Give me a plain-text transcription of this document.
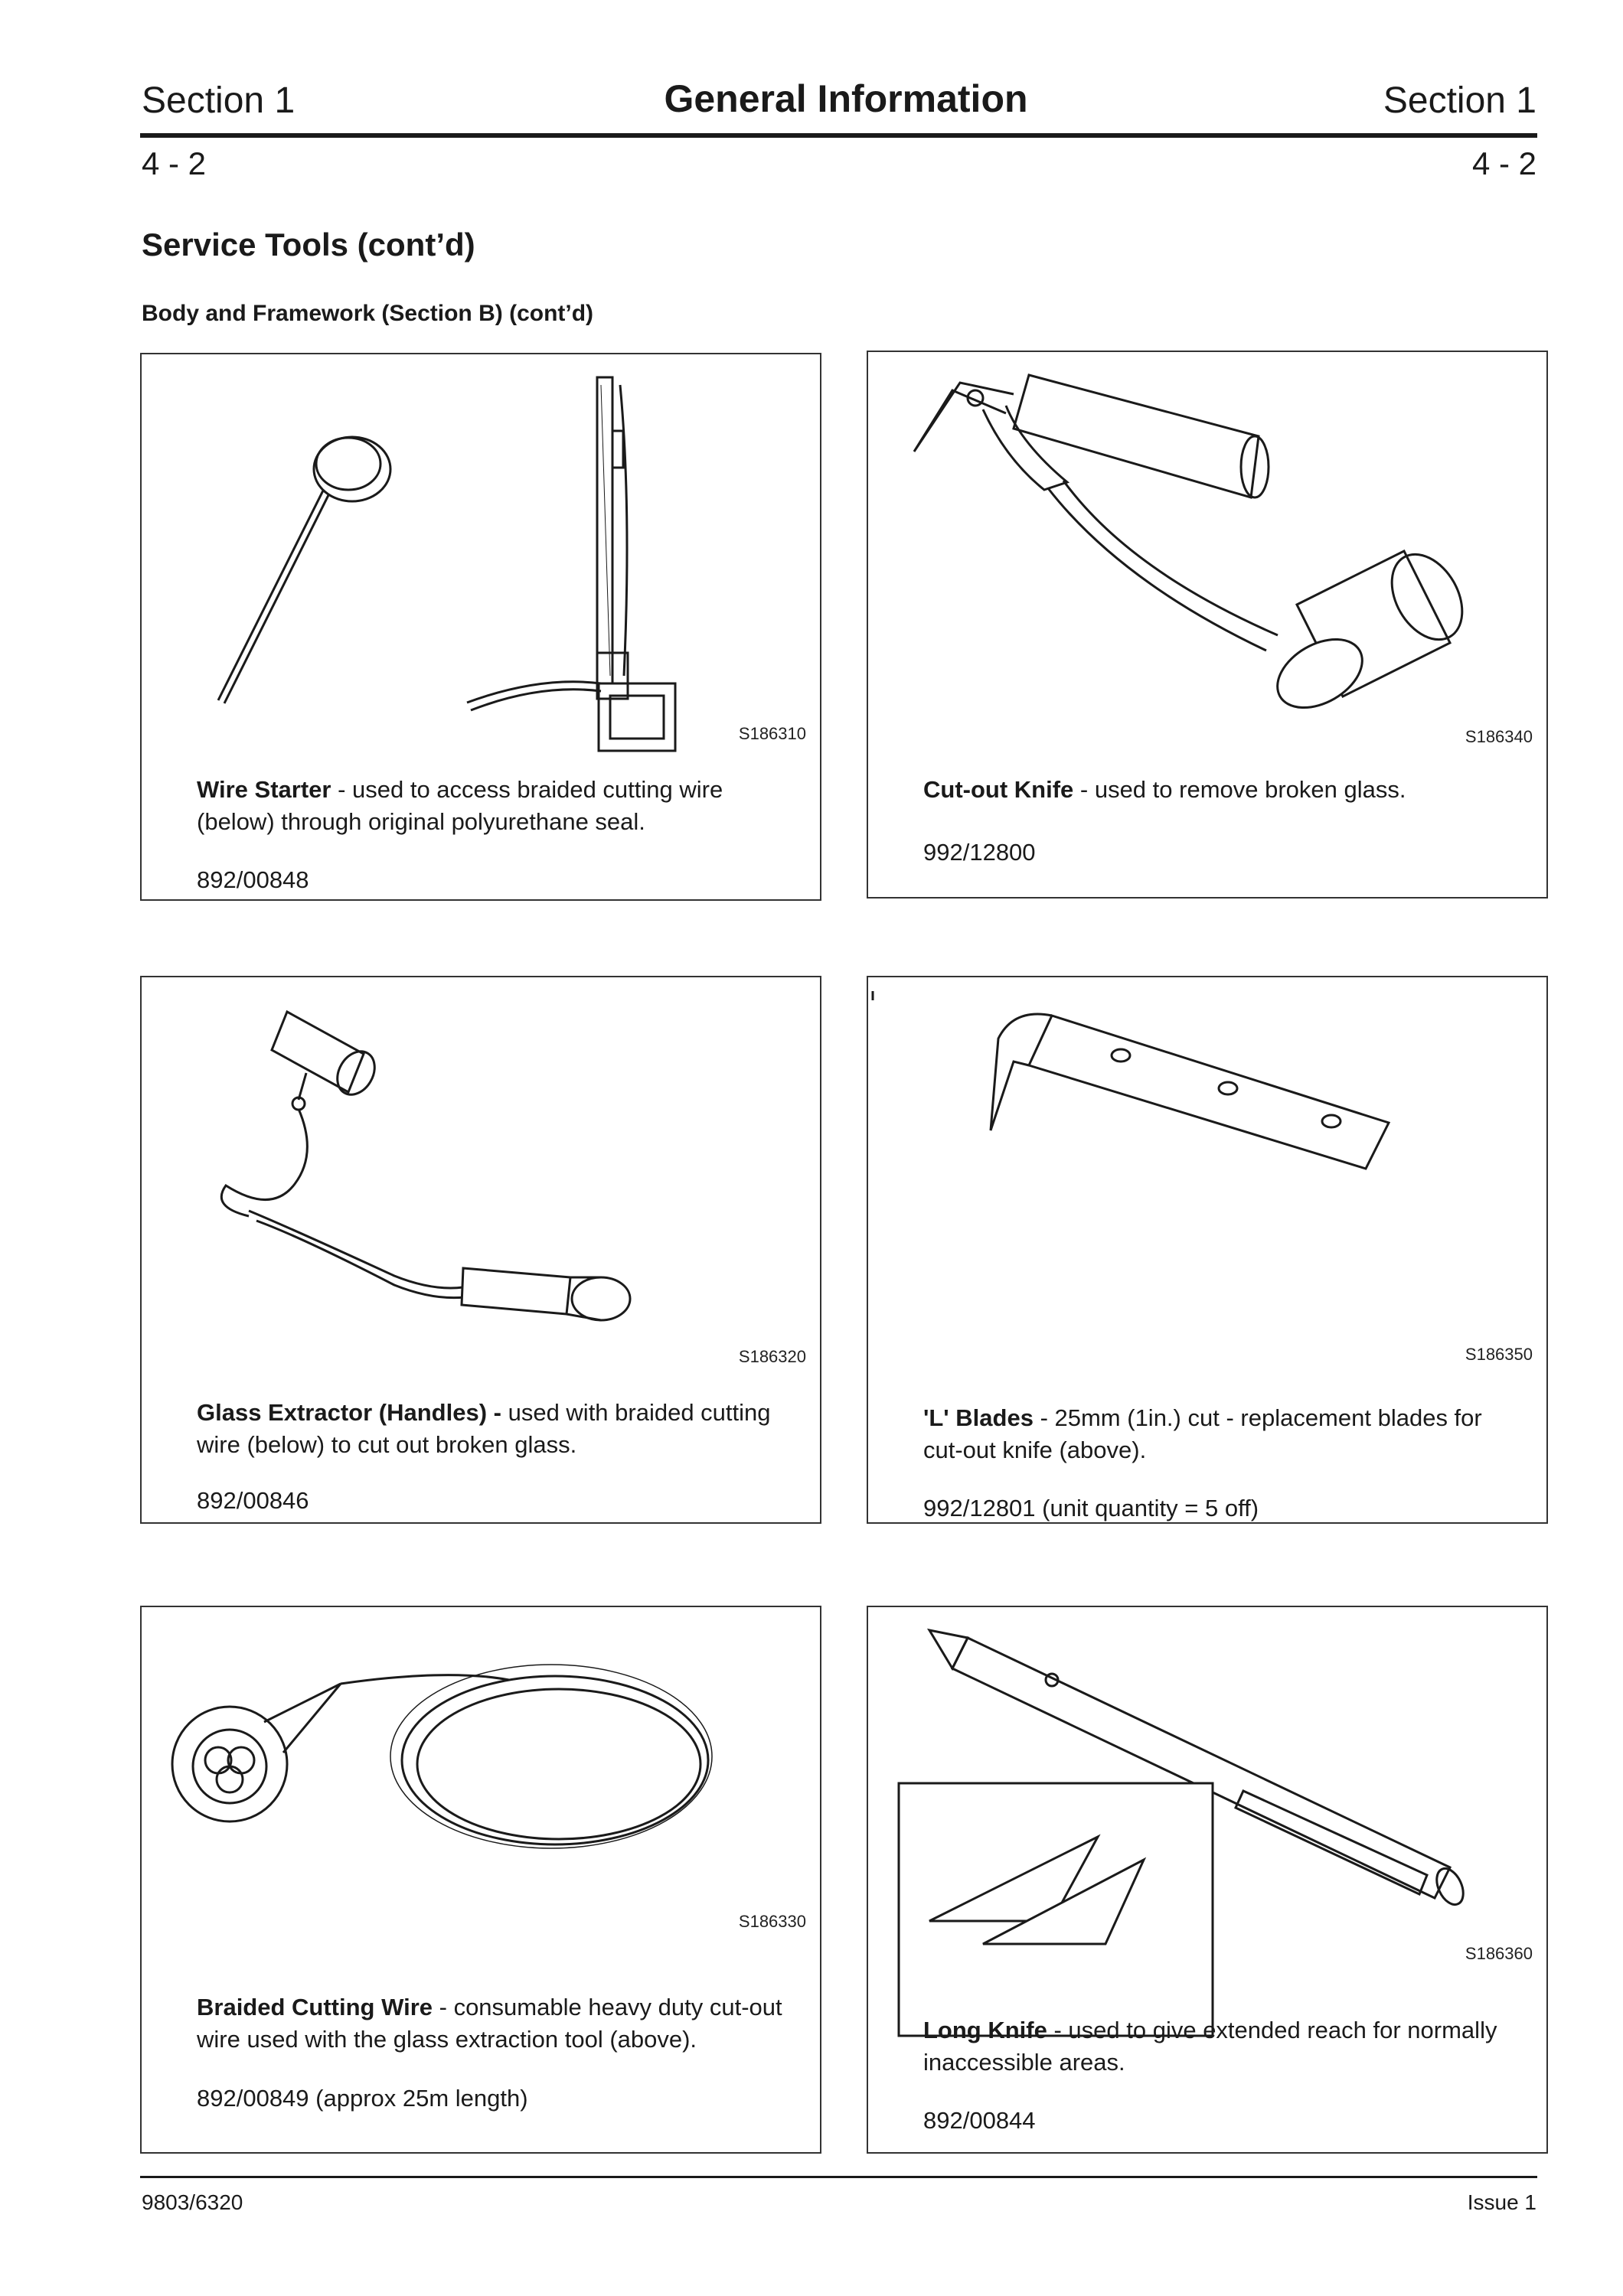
Section 1	General Information	Section 1
4 - 2	4 - 2
Service Tools (cont’d)
Body and Framework (Section B) (cont’d)
S186310
Wire Starter - used to access braided cutting wire (below) through original polyurethane seal.
892/00848
S186340
Cut-out Knife - used to remove broken glass.
992/12800
S186320
Glass Extractor (Handles) - used with braided cutting wire (below) to cut out broken glass.
892/00846
S186350
'L' Blades - 25mm (1in.) cut - replacement blades for cut-out knife (above).
992/12801 (unit quantity = 5 off)
S186330
Braided Cutting Wire - consumable heavy duty cut-out wire used with the glass extraction tool (above).
892/00849 (approx 25m length)
S186360
Long Knife - used to give extended reach for normally inaccessible areas.
892/00844
9803/6320	Issue 1
